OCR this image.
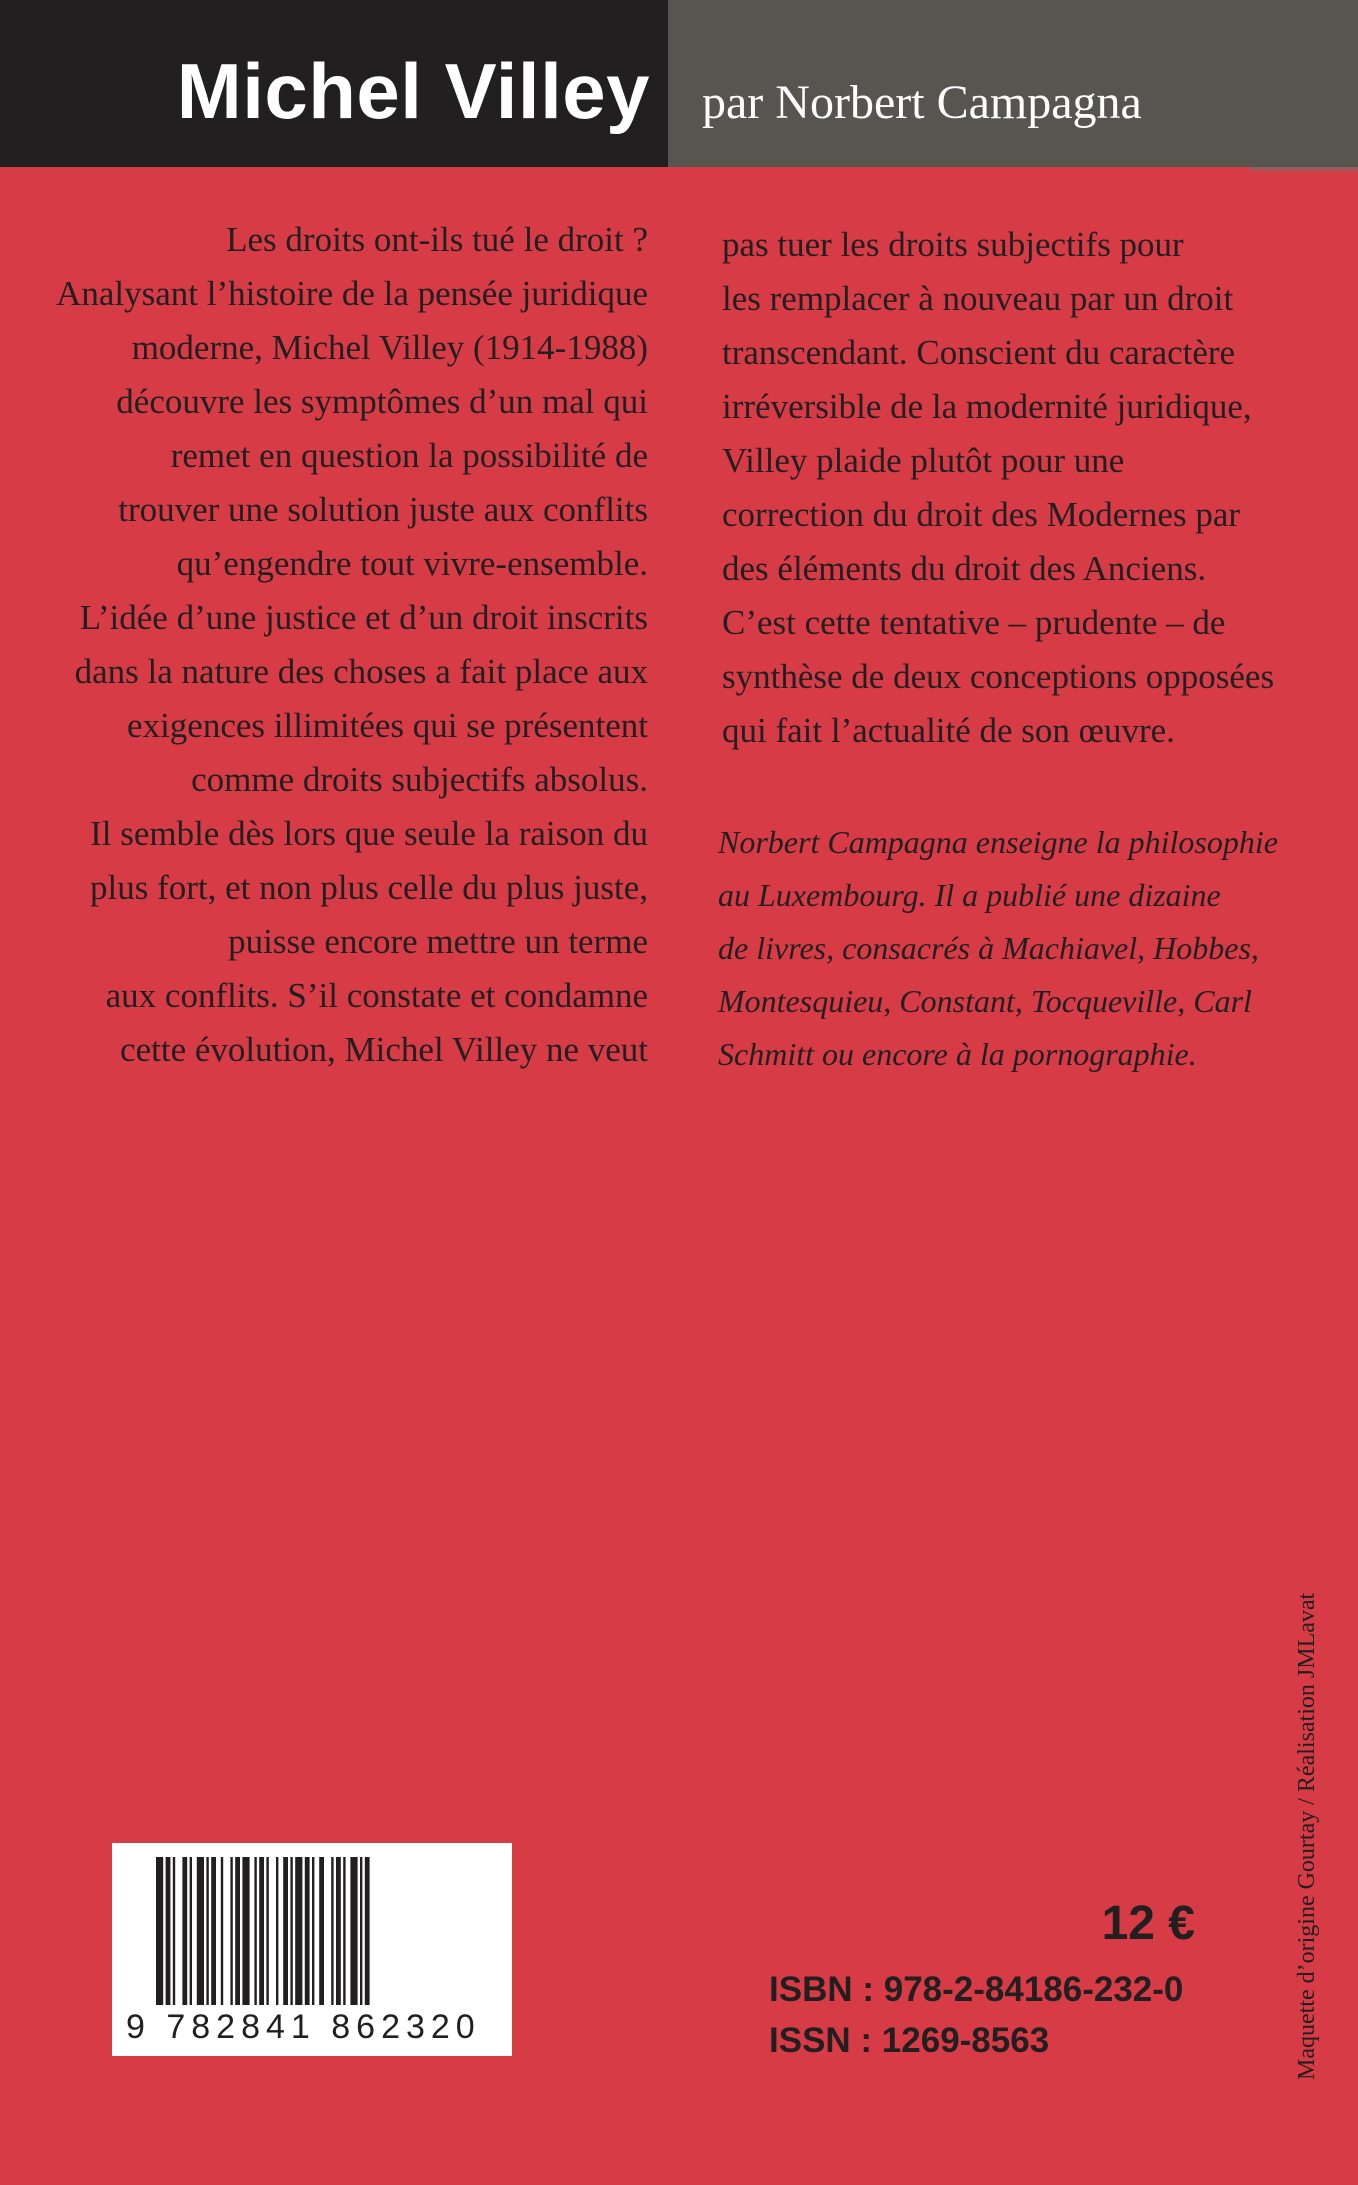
Michel Villey par Norbert Campagna

Les droits ont-ils tué le droit ?
Analysant l’histoire de la pensée juridique
moderne, Michel Villey (1914-1988)
découvre les symptômes d’un mal qui
remet en question la possibilité de
trouver une solution juste aux conflits
qu’engendre tout vivre-ensemble.
L’idée d’une justice et d’un droit inscrits
dans la nature des choses a fait place aux
exigences illimitées qui se présentent
comme droits subjectifs absolus.
Il semble dès lors que seule la raison du
plus fort, et non plus celle du plus juste,
puisse encore mettre un terme
aux conflits. S’il constate et condamne
cette évolution, Michel Villey ne veut

pas tuer les droits subjectifs pour
les remplacer à nouveau par un droit
transcendant. Conscient du caractère
irréversible de la modernité juridique,
Villey plaide plutôt pour une
correction du droit des Modernes par
des éléments du droit des Anciens.
C’est cette tentative – prudente – de
synthèse de deux conceptions opposées
qui fait l’actualité de son œuvre.

Norbert Campagna enseigne la philosophie
au Luxembourg. Il a publié une dizaine
de livres, consacrés à Machiavel, Hobbes,
Montesquieu, Constant, Tocqueville, Carl
Schmitt ou encore à la pornographie.

9 782841 862320
12 €
ISBN : 978-2-84186-232-0
ISSN : 1269-8563	Maquette d’origine Gourtay / Réalisation JMLavat
